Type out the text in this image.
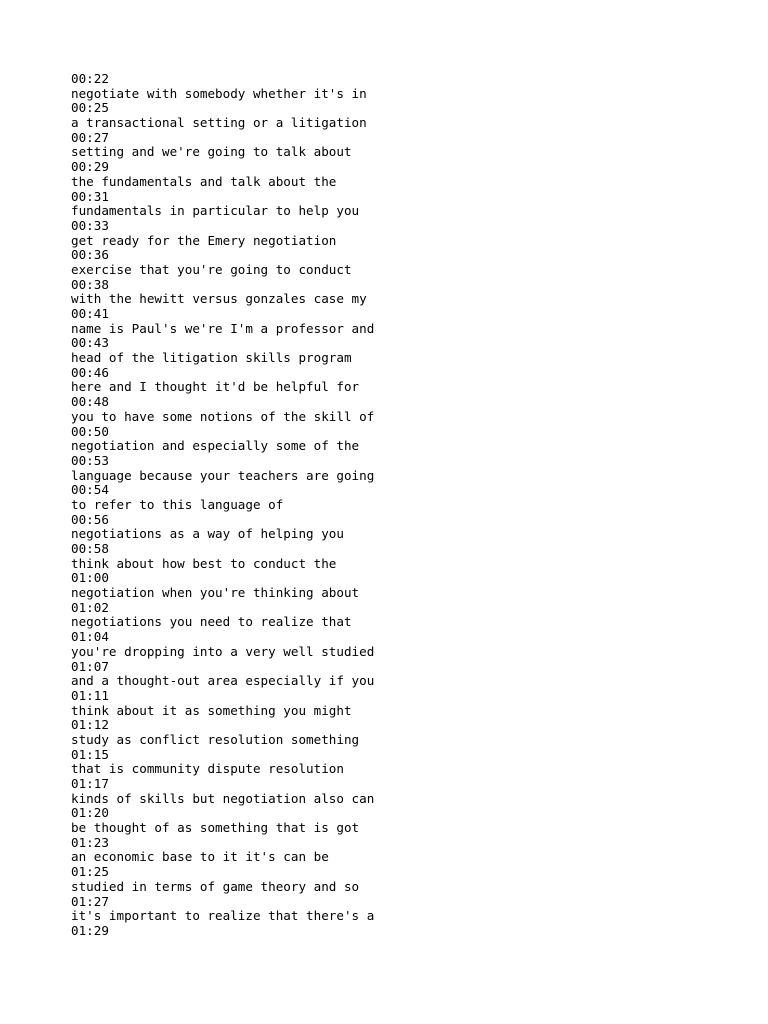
00:22
negotiate with somebody whether it's in
00:25
a transactional setting or a litigation
00:27
setting and we're going to talk about
00:29
the fundamentals and talk about the
00:31
fundamentals in particular to help you
00:33
get ready for the Emery negotiation
00:36
exercise that you're going to conduct
00:38
with the hewitt versus gonzales case my
00:41
name is Paul's we're I'm a professor and
00:43
head of the litigation skills program
00:46
here and I thought it'd be helpful for
00:48
you to have some notions of the skill of
00:50
negotiation and especially some of the
00:53
language because your teachers are going
00:54
to refer to this language of
00:56
negotiations as a way of helping you
00:58
think about how best to conduct the
01:00
negotiation when you're thinking about
01:02
negotiations you need to realize that
01:04
you're dropping into a very well studied
01:07
and a thought-out area especially if you
01:11
think about it as something you might
01:12
study as conflict resolution something
01:15
that is community dispute resolution
01:17
kinds of skills but negotiation also can
01:20
be thought of as something that is got
01:23
an economic base to it it's can be
01:25
studied in terms of game theory and so
01:27
it's important to realize that there's a
01:29
